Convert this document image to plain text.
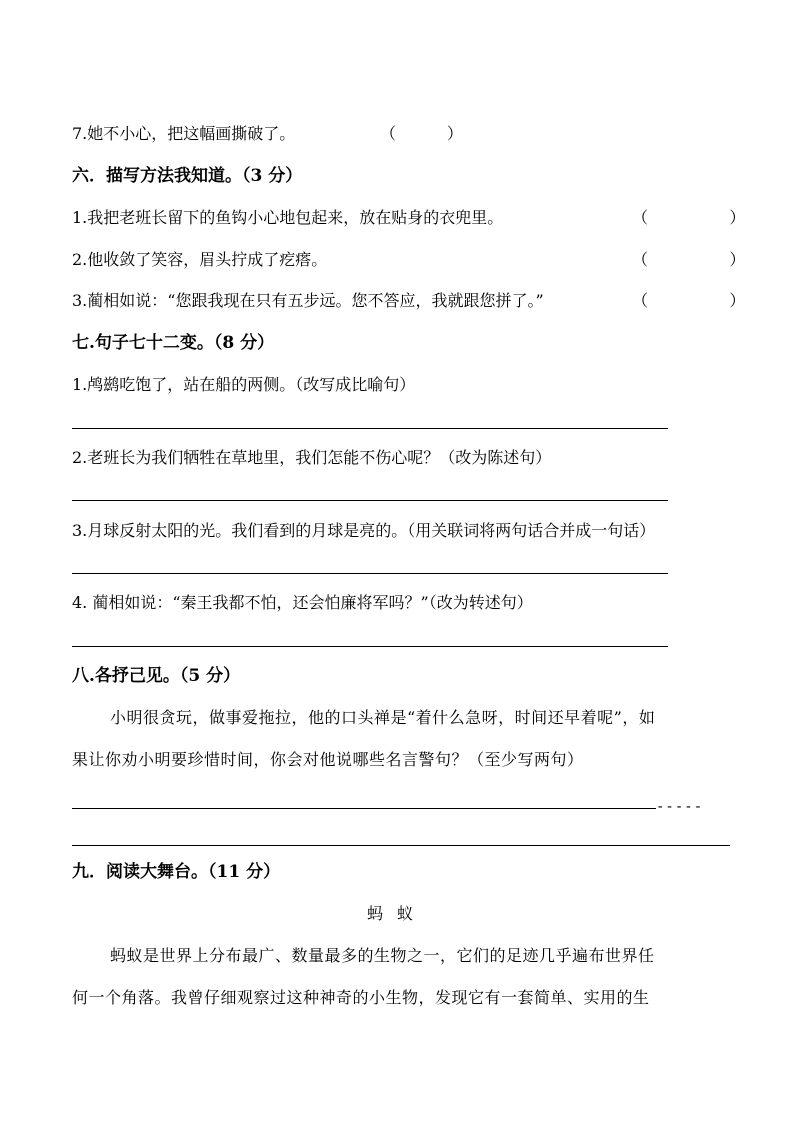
7.她不小心，把这幅画撕破了。	（          ）
六．描写方法我知道。（3 分）
1.我把老班长留下的鱼钩小心地包起来，放在贴身的衣兜里。	（                ）
2.他收敛了笑容，眉头拧成了疙瘩。	（                ）
3.蔺相如说：“您跟我现在只有五步远。您不答应，我就跟您拼了。”	（                ）
七.句子七十二变。（8 分）
1.鸬鹚吃饱了，站在船的两侧。（改写成比喻句）
2.老班长为我们牺牲在草地里，我们怎能不伤心呢？（改为陈述句）
3.月球反射太阳的光。我们看到的月球是亮的。（用关联词将两句话合并成一句话）
4. 蔺相如说：“秦王我都不怕，还会怕廉将军吗？”（改为转述句）
八.各抒己见。（5 分）
小明很贪玩，做事爱拖拉，他的口头禅是“着什么急呀，时间还早着呢”，如
果让你劝小明要珍惜时间，你会对他说哪些名言警句？（至少写两句）
-----
九．阅读大舞台。（11 分）
蚂蚁
蚂蚁是世界上分布最广、数量最多的生物之一，它们的足迹几乎遍布世界任
何一个角落。我曾仔细观察过这种神奇的小生物，发现它有一套简单、实用的生
